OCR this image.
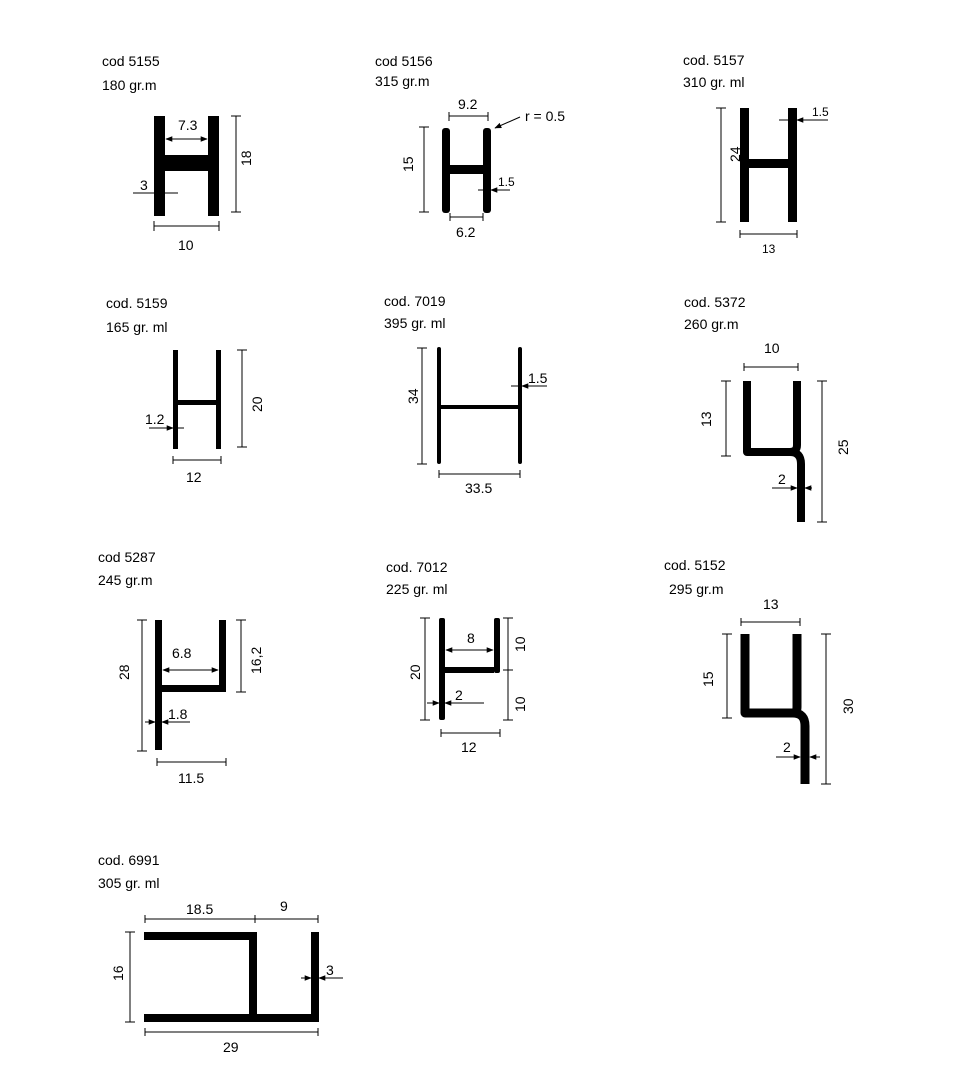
cod 5155
180 gr.m
7.3
18
3
10
cod 5156
315 gr.m
9.2
r = 0.5
15
1.5
6.2
cod. 5157
310 gr. ml
1.5
24
13
cod. 5159
165 gr. ml
1.2
20
12
cod. 7019
395 gr. ml
34
1.5
33.5
cod. 5372
260 gr.m
10
13
25
2
cod 5287
245 gr.m
28
6.8	16,2
1.8
11.5
cod. 7012
225 gr. ml
20
8	10
10
2
12
cod. 5152
295 gr.m
13
15
30
2
cod. 6991
305 gr. ml
18.5	9
16	3
29
